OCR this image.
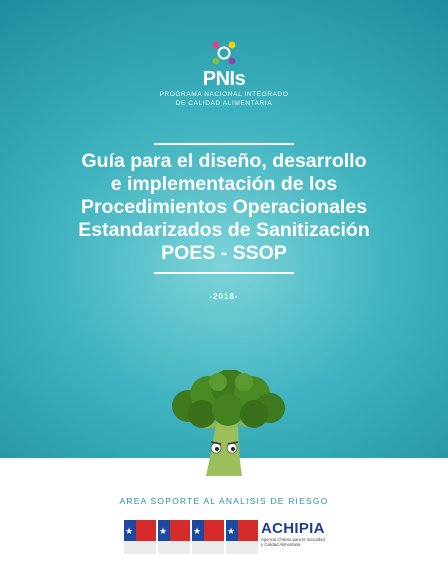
PNIs
PROGRAMA NACIONAL INTEGRADO
DE CALIDAD ALIMENTARIA
Guía para el diseño, desarrollo
e implementación de los
Procedimientos Operacionales
Estandarizados de Sanitización
POES - SSOP
-2018-
AREA SOPORTE AL ANALISIS DE RIESGO
★	★	★	★ ACHIPIA
Agencia Chilena para la Inocuidad
y Calidad Alimentaria
